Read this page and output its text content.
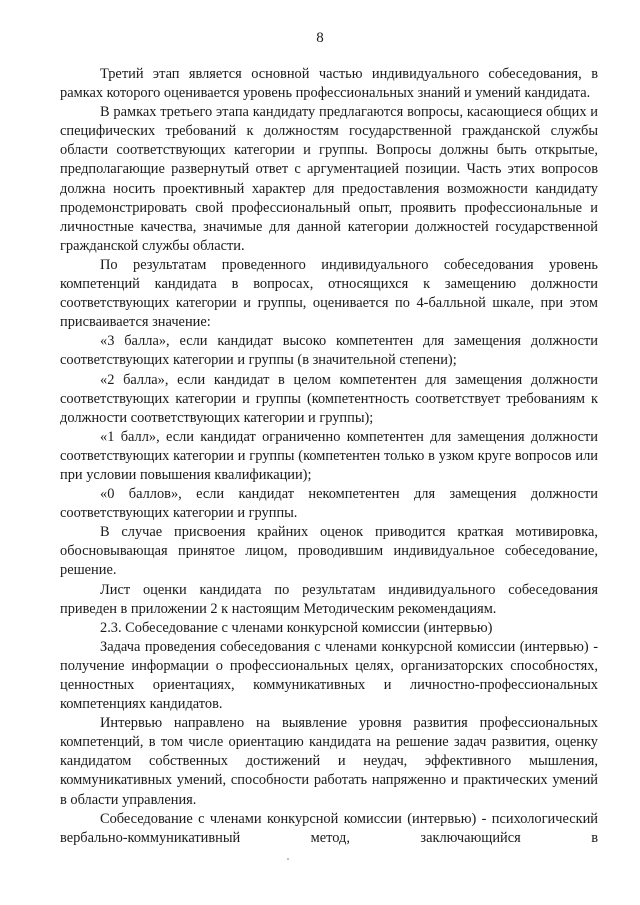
8

Третий этап является основной частью индивидуального собеседования, в рамках которого оценивается уровень профессиональных знаний и умений кандидата.

В рамках третьего этапа кандидату предлагаются вопросы, касающиеся общих и специфических требований к должностям государственной гражданской службы области соответствующих категории и группы. Вопросы должны быть открытые, предполагающие развернутый ответ с аргументацией позиции. Часть этих вопросов должна носить проективный характер для предоставления возможности кандидату продемонстрировать свой профессиональный опыт, проявить профессиональные и личностные качества, значимые для данной категории должностей государственной гражданской службы области.

По результатам проведенного индивидуального собеседования уровень компетенций кандидата в вопросах, относящихся к замещению должности соответствующих категории и группы, оценивается по 4-балльной шкале, при этом присваивается значение:

«3 балла», если кандидат высоко компетентен для замещения должности соответствующих категории и группы (в значительной степени);

«2 балла», если кандидат в целом компетентен для замещения должности соответствующих категории и группы (компетентность соответствует требованиям к должности соответствующих категории и группы);

«1 балл», если кандидат ограниченно компетентен для замещения должности соответствующих категории и группы (компетентен только в узком круге вопросов или при условии повышения квалификации);

«0 баллов», если кандидат некомпетентен для замещения должности соответствующих категории и группы.

В случае присвоения крайних оценок приводится краткая мотивировка, обосновывающая принятое лицом, проводившим индивидуальное собеседование, решение.

Лист оценки кандидата по результатам индивидуального собеседования приведен в приложении 2 к настоящим Методическим рекомендациям.

2.3. Собеседование с членами конкурсной комиссии (интервью)

Задача проведения собеседования с членами конкурсной комиссии (интервью) - получение информации о профессиональных целях, организаторских способностях, ценностных ориентациях, коммуникативных и личностно-профессиональных компетенциях кандидатов.

Интервью направлено на выявление уровня развития профессиональных компетенций, в том числе ориентацию кандидата на решение задач развития, оценку кандидатом собственных достижений и неудач, эффективного мышления, коммуникативных умений, способности работать напряженно и практических умений в области управления.

Собеседование с членами конкурсной комиссии (интервью) - психологический вербально-коммуникативный метод, заключающийся в
